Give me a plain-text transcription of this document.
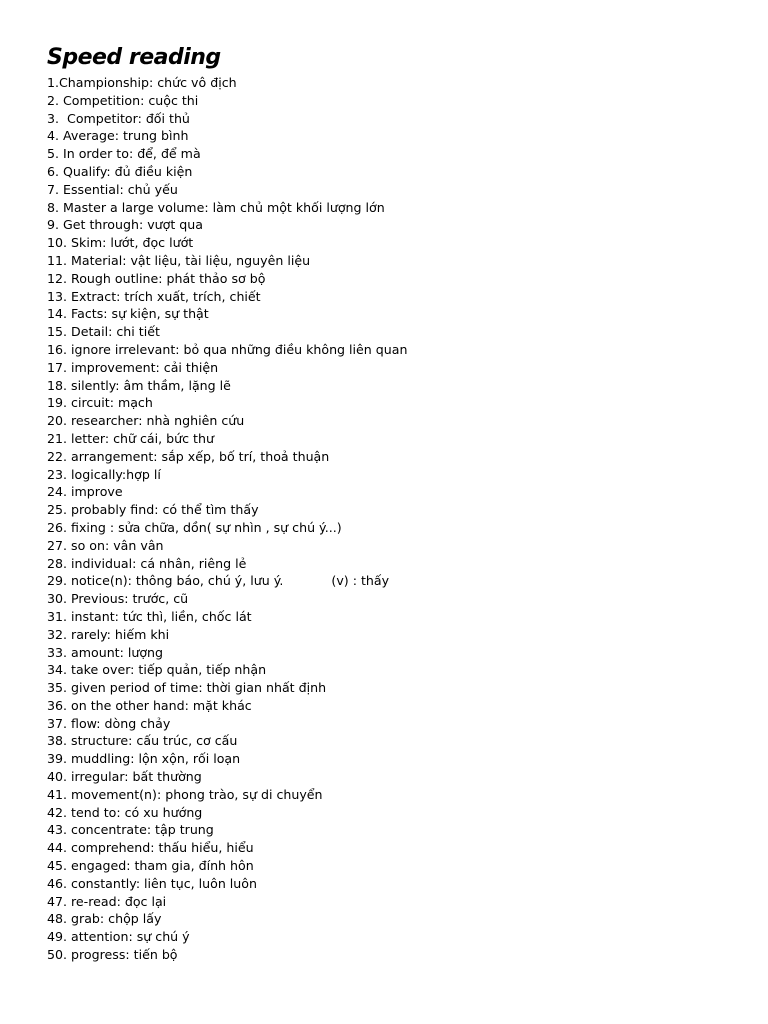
Speed reading
1.Championship: chức vô địch
2. Competition: cuộc thi
3.  Competitor: đối thủ
4. Average: trung bình
5. In order to: để, để mà
6. Qualify: đủ điều kiện
7. Essential: chủ yếu
8. Master a large volume: làm chủ một khối lượng lớn
9. Get through: vượt qua
10. Skim: lướt, đọc lướt
11. Material: vật liệu, tài liệu, nguyên liệu
12. Rough outline: phát thảo sơ bộ
13. Extract: trích xuất, trích, chiết
14. Facts: sự kiện, sự thật
15. Detail: chi tiết
16. ignore irrelevant: bỏ qua những điều không liên quan
17. improvement: cải thiện
18. silently: âm thầm, lặng lẽ
19. circuit: mạch
20. researcher: nhà nghiên cứu
21. letter: chữ cái, bức thư
22. arrangement: sắp xếp, bố trí, thoả thuận
23. logically:hợp lí
24. improve
25. probably find: có thể tìm thấy
26. fixing : sửa chữa, dồn( sự nhìn , sự chú ý...)
27. so on: vân vân
28. individual: cá nhân, riêng lẻ
29. notice(n): thông báo, chú ý, lưu ý.            (v) : thấy
30. Previous: trước, cũ
31. instant: tức thì, liền, chốc lát
32. rarely: hiếm khi
33. amount: lượng
34. take over: tiếp quản, tiếp nhận
35. given period of time: thời gian nhất định
36. on the other hand: mặt khác
37. flow: dòng chảy
38. structure: cấu trúc, cơ cấu
39. muddling: lộn xộn, rối loạn
40. irregular: bất thường
41. movement(n): phong trào, sự di chuyển
42. tend to: có xu hướng
43. concentrate: tập trung
44. comprehend: thấu hiểu, hiểu
45. engaged: tham gia, đính hôn
46. constantly: liên tục, luôn luôn
47. re-read: đọc lại
48. grab: chộp lấy
49. attention: sự chú ý
50. progress: tiến bộ
